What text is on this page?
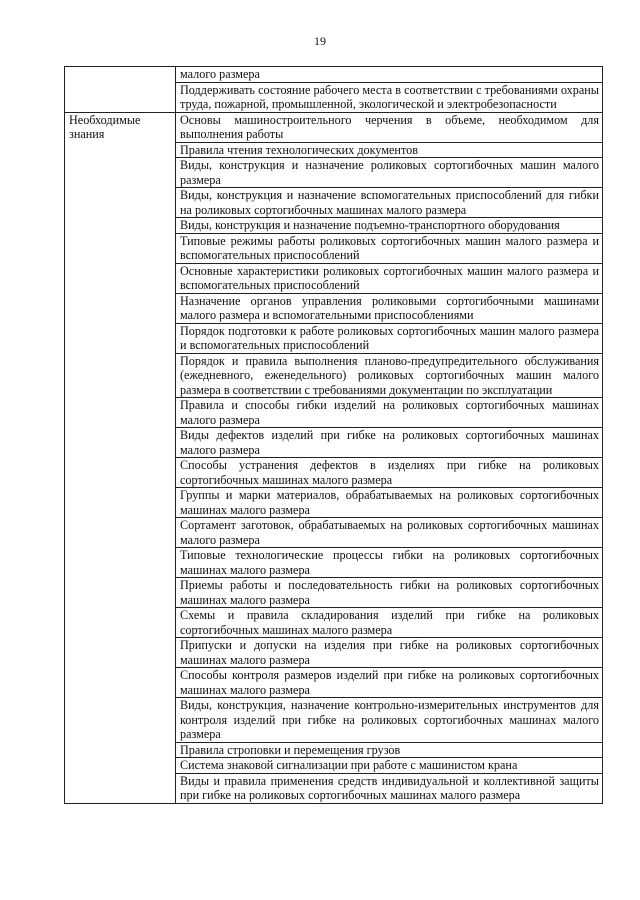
19
	малого размера
	Поддерживать состояние рабочего места в соответствии с требованиями охраны труда, пожарной, промышленной, экологической и электробезопасности
Необходимые знания	Основы машиностроительного черчения в объеме, необходимом для выполнения работы
	Правила чтения технологических документов
	Виды, конструкция и назначение роликовых сортогибочных машин малого размера
	Виды, конструкция и назначение вспомогательных приспособлений для гибки на роликовых сортогибочных машинах малого размера
	Виды, конструкция и назначение подъемно-транспортного оборудования
	Типовые режимы работы роликовых сортогибочных машин малого размера и вспомогательных приспособлений
	Основные характеристики роликовых сортогибочных машин малого размера и вспомогательных приспособлений
	Назначение органов управления роликовыми сортогибочными машинами малого размера и вспомогательными приспособлениями
	Порядок подготовки к работе роликовых сортогибочных машин малого размера и вспомогательных приспособлений
	Порядок и правила выполнения планово-предупредительного обслуживания (ежедневного, еженедельного) роликовых сортогибочных машин малого размера в соответствии с требованиями документации по эксплуатации
	Правила и способы гибки изделий на роликовых сортогибочных машинах малого размера
	Виды дефектов изделий при гибке на роликовых сортогибочных машинах малого размера
	Способы устранения дефектов в изделиях при гибке на роликовых сортогибочных машинах малого размера
	Группы и марки материалов, обрабатываемых на роликовых сортогибочных машинах малого размера
	Сортамент заготовок, обрабатываемых на роликовых сортогибочных машинах малого размера
	Типовые технологические процессы гибки на роликовых сортогибочных машинах малого размера
	Приемы работы и последовательность гибки на роликовых сортогибочных машинах малого размера
	Схемы и правила складирования изделий при гибке на роликовых сортогибочных машинах малого размера
	Припуски и допуски на изделия при гибке на роликовых сортогибочных машинах малого размера
	Способы контроля размеров изделий при гибке на роликовых сортогибочных машинах малого размера
	Виды, конструкция, назначение контрольно-измерительных инструментов для контроля изделий при гибке на роликовых сортогибочных машинах малого размера
	Правила строповки и перемещения грузов
	Система знаковой сигнализации при работе с машинистом крана
	Виды и правила применения средств индивидуальной и коллективной защиты при гибке на роликовых сортогибочных машинах малого размера
